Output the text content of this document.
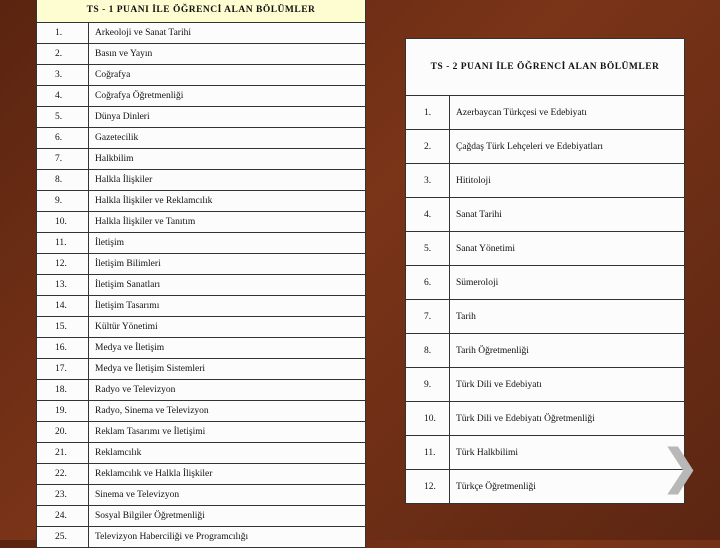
TS - 1 PUANI İLE ÖĞRENCİ ALAN BÖLÜMLER	
1.	Arkeoloji ve Sanat Tarihi
2.	Basın ve Yayın
3.	Coğrafya
4.	Coğrafya Öğretmenliği
5.	Dünya Dinleri
6.	Gazetecilik
7.	Halkbilim
8.	Halkla İlişkiler
9.	Halkla İlişkiler ve Reklamcılık
10.	Halkla İlişkiler ve Tanıtım
11.	İletişim
12.	İletişim Bilimleri
13.	İletişim Sanatları
14.	İletişim Tasarımı
15.	Kültür Yönetimi
16.	Medya ve İletişim
17.	Medya ve İletişim Sistemleri
18.	Radyo ve Televizyon
19.	Radyo, Sinema ve Televizyon
20.	Reklam Tasarımı ve İletişimi
21.	Reklamcılık
22.	Reklamcılık ve Halkla İlişkiler
23.	Sinema ve Televizyon
24.	Sosyal Bilgiler Öğretmenliği
25.	Televizyon Haberciliği ve Programcılığı
TS - 2 PUANI İLE ÖĞRENCİ ALAN BÖLÜMLER	
1.	Azerbaycan Türkçesi ve Edebiyatı
2.	Çağdaş Türk Lehçeleri ve Edebiyatları
3.	Hititoloji
4.	Sanat Tarihi
5.	Sanat Yönetimi
6.	Sümeroloji
7.	Tarih
8.	Tarih Öğretmenliği
9.	Türk Dili ve Edebiyatı
10.	Türk Dili ve Edebiyatı Öğretmenliği
11.	Türk Halkbilimi
12.	Türkçe Öğretmenliği	❯
